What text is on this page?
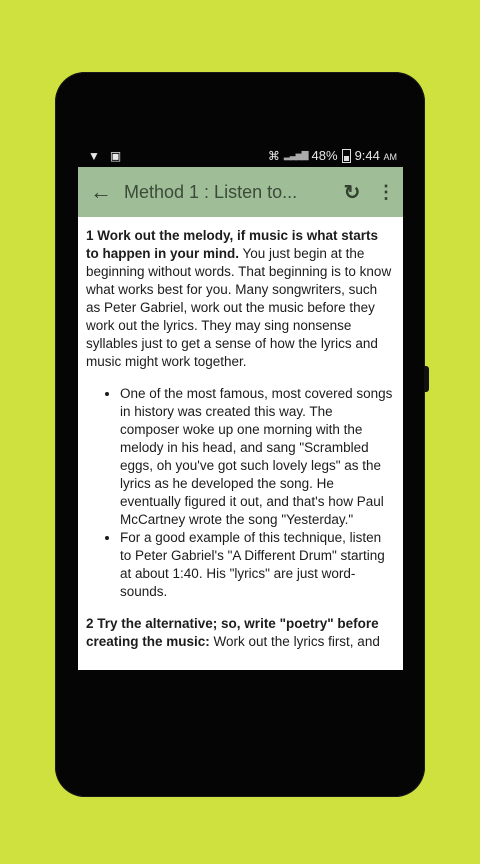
▼ ▣	⌘ ▂▃▅▇ 48% 9:44 AM
← Method 1 : Listen to...	↻ ⋮

1 Work out the melody, if music is what starts to happen in your mind. You just begin at the beginning without words. That beginning is to know what works best for you. Many songwriters, such as Peter Gabriel, work out the music before they work out the lyrics. They may sing nonsense syllables just to get a sense of how the lyrics and music might work together.

• One of the most famous, most covered songs in history was created this way. The composer woke up one morning with the melody in his head, and sang "Scrambled eggs, oh you've got such lovely legs" as the lyrics as he developed the song. He eventually figured it out, and that's how Paul McCartney wrote the song "Yesterday."
• For a good example of this technique, listen to Peter Gabriel's "A Different Drum" starting at about 1:40. His "lyrics" are just word-sounds.

2 Try the alternative; so, write "poetry" before creating the music: Work out the lyrics first, and
